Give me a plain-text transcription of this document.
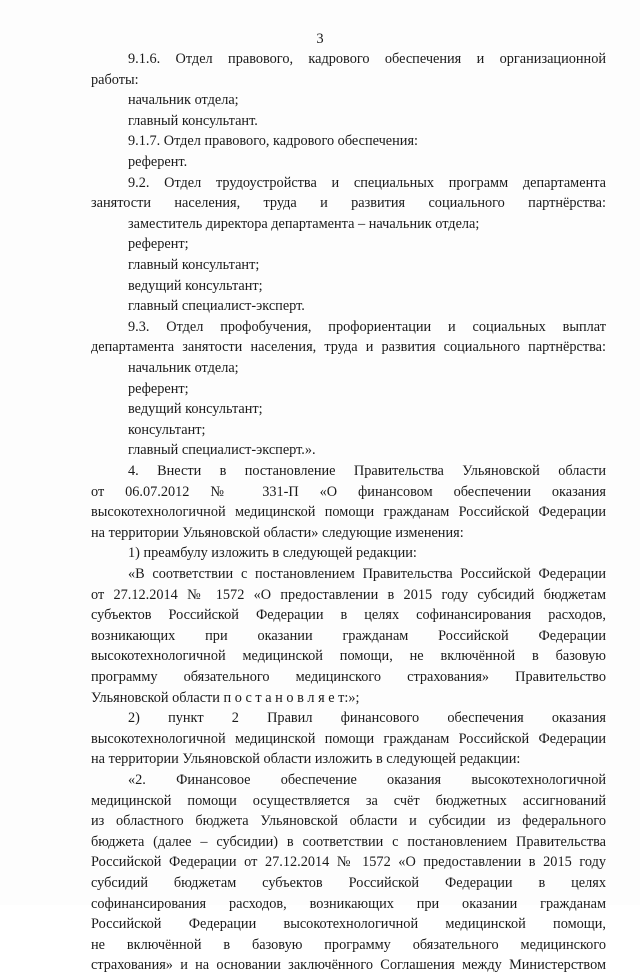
3
9.1.6. Отдел правового, кадрового обеспечения и организационной
работы:
начальник отдела;
главный консультант.
9.1.7. Отдел правового, кадрового обеспечения:
референт.
9.2. Отдел трудоустройства и специальных программ департамента
занятости населения, труда и развития социального партнёрства:
заместитель директора департамента – начальник отдела;
референт;
главный консультант;
ведущий консультант;
главный специалист-эксперт.
9.3. Отдел профобучения, профориентации и социальных выплат
департамента занятости населения, труда и развития социального партнёрства:
начальник отдела;
референт;
ведущий консультант;
консультант;
главный специалист-эксперт.».
4. Внести в постановление Правительства Ульяновской области
от 06.07.2012 № 331-П «О финансовом обеспечении оказания
высокотехнологичной медицинской помощи гражданам Российской Федерации
на территории Ульяновской области» следующие изменения:
1) преамбулу изложить в следующей редакции:
«В соответствии с постановлением Правительства Российской Федерации
от 27.12.2014 № 1572 «О предоставлении в 2015 году субсидий бюджетам
субъектов Российской Федерации в целях софинансирования расходов,
возникающих при оказании гражданам Российской Федерации
высокотехнологичной медицинской помощи, не включённой в базовую
программу обязательного медицинского страхования» Правительство
Ульяновской области п о с т а н о в л я е т:»;
2) пункт 2 Правил финансового обеспечения оказания
высокотехнологичной медицинской помощи гражданам Российской Федерации
на территории Ульяновской области изложить в следующей редакции:
«2. Финансовое обеспечение оказания высокотехнологичной
медицинской помощи осуществляется за счёт бюджетных ассигнований
из областного бюджета Ульяновской области и субсидии из федерального
бюджета (далее – субсидии) в соответствии с постановлением Правительства
Российской Федерации от 27.12.2014 № 1572 «О предоставлении в 2015 году
субсидий бюджетам субъектов Российской Федерации в целях
софинансирования расходов, возникающих при оказании гражданам
Российской Федерации высокотехнологичной медицинской помощи,
не включённой в базовую программу обязательного медицинского
страхования» и на основании заключённого Соглашения между Министерством
